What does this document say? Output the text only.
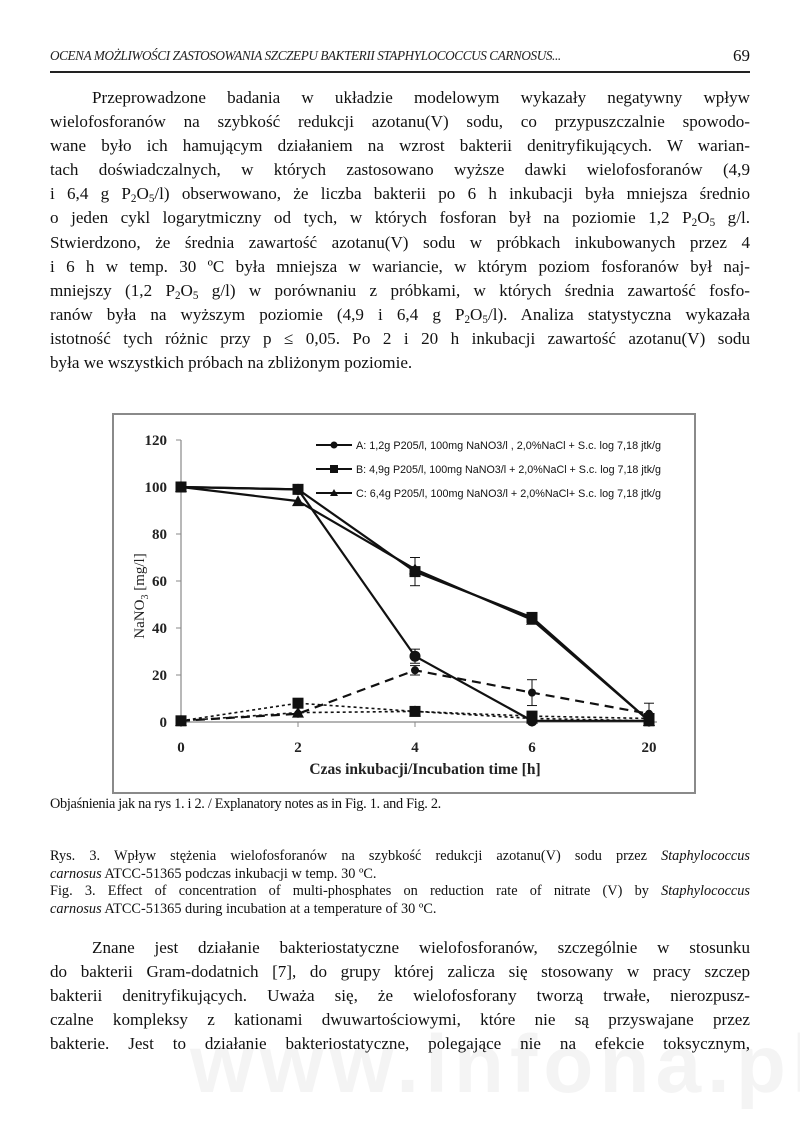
OCENA MOŻLIWOŚCI ZASTOSOWANIA SZCZEPU BAKTERII STAPHYLOCOCCUS CARNOSUS...	69
Przeprowadzone badania w układzie modelowym wykazały negatywny wpływ
wielofosforanów na szybkość redukcji azotanu(V) sodu, co przypuszczalnie spowodo-
wane było ich hamującym działaniem na wzrost bakterii denitryfikujących. W warian-
tach doświadczalnych, w których zastosowano wyższe dawki wielofosforanów (4,9
i 6,4 g $P_2O_5/l$) obserwowano, że liczba bakterii po 6 h inkubacji była mniejsza średnio
o jeden cykl logarytmiczny od tych, w których fosforan był na poziomie 1,2 $P_2O_5$ g/l.
Stwierdzono, że średnia zawartość azotanu(V) sodu w próbkach inkubowanych przez 4
i 6 h w temp. 30 ºC była mniejsza w wariancie, w którym poziom fosforanów był naj-
mniejszy (1,2 $P_2O_5$ g/l) w porównaniu z próbkami, w których średnia zawartość fosfo-
ranów była na wyższym poziomie (4,9 i 6,4 g $P_2O_5/l$). Analiza statystyczna wykazała
istotność tych różnic przy p ≤ 0,05. Po 2 i 20 h inkubacji zawartość azotanu(V) sodu
była we wszystkich próbach na zbliżonym poziomie.
0
20
40
60
80
100
120
0	2	4	6	20
Czas inkubacji/Incubation time [h]
NaNO$_3$ [mg/l]
A: 1,2g P205/l, 100mg NaNO3/l , 2,0%NaCl + S.c. log 7,18 jtk/g
B: 4,9g P205/l, 100mg NaNO3/l + 2,0%NaCl + S.c. log 7,18 jtk/g
C: 6,4g P205/l, 100mg NaNO3/l + 2,0%NaCl+ S.c. log 7,18 jtk/g
Objaśnienia jak na rys 1. i 2. / Explanatory notes as in Fig. 1. and Fig. 2.
Rys. 3. Wpływ stężenia wielofosforanów na szybkość redukcji azotanu(V) sodu przez Staphylococcus
carnosus ATCC-51365 podczas inkubacji w temp. 30 ºC.
Fig. 3. Effect of concentration of multi-phosphates on reduction rate of nitrate (V) by Staphylococcus
carnosus ATCC-51365 during incubation at a temperature of 30 ºC.
Znane jest działanie bakteriostatyczne wielofosforanów, szczególnie w stosunku
do bakterii Gram-dodatnich [7], do grupy której zalicza się stosowany w pracy szczep
bakterii denitryfikujących. Uważa się, że wielofosforany tworzą trwałe, nierozpusz-
czalne kompleksy z kationami dwuwartościowymi, które nie są przyswajane przez
bakterie. Jest to działanie bakteriostatyczne, polegające nie na efekcie toksycznym,
